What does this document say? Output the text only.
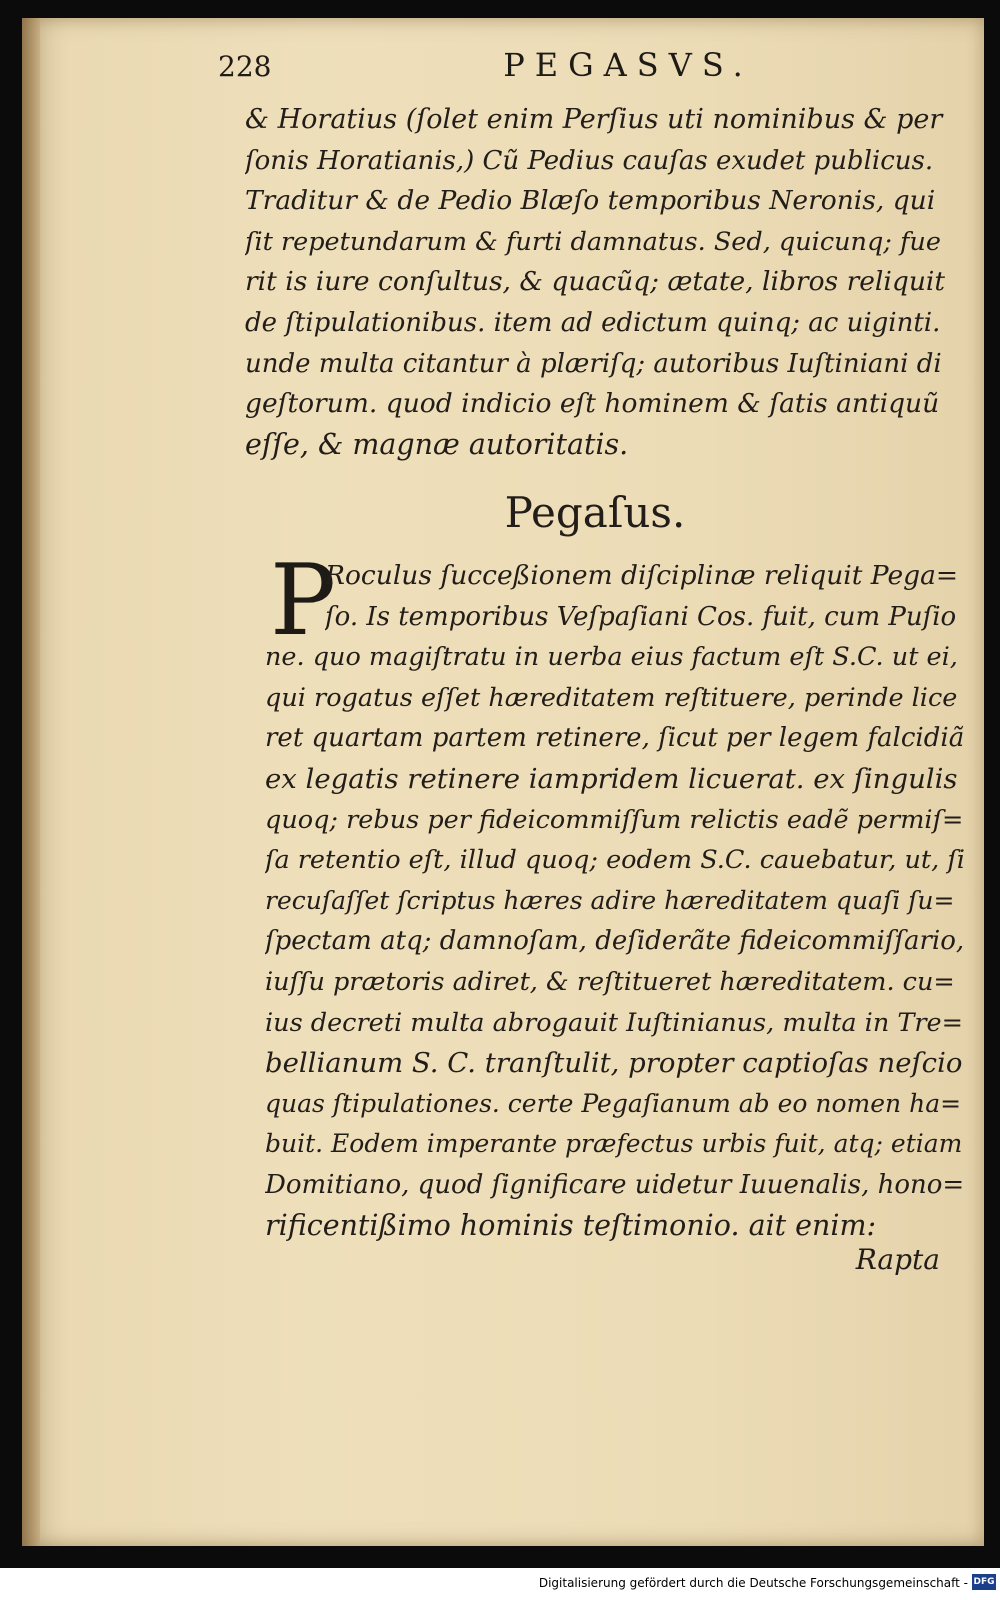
228	PEGASVS.
& Horatius (ſolet enim Perſius uti nominibus & per
ſonis Horatianis,) Cũ Pedius cauſas exudet publicus.
Traditur & de Pedio Blæſo temporibus Neronis, qui
ſit repetundarum & furti damnatus. Sed, quicunq; fue
rit is iure conſultus, & quacũq; ætate, libros reliquit
de ſtipulationibus. item ad edictum quinq; ac uiginti.
unde multa citantur à plæriſq; autoribus Iuſtiniani di
geſtorum. quod indicio eſt hominem & ſatis antiquũ
eſſe, & magnæ autoritatis.
Pegaſus.
P
Roculus ſucceßionem diſciplinæ reliquit Pega=
ſo. Is temporibus Veſpaſiani Cos. fuit, cum Puſio
ne. quo magiſtratu in uerba eius factum eſt S.C. ut ei,
qui rogatus eſſet hæreditatem reſtituere, perinde lice
ret quartam partem retinere, ſicut per legem falcidiã
ex legatis retinere iampridem licuerat. ex ſingulis
quoq; rebus per fideicommiſſum relictis eadẽ permiſ=
ſa retentio eſt, illud quoq; eodem S.C. cauebatur, ut, ſi
recuſaſſet ſcriptus hæres adire hæreditatem quaſi ſu=
ſpectam atq; damnoſam, deſiderãte fideicommiſſario,
iuſſu prætoris adiret, & reſtitueret hæreditatem. cu=
ius decreti multa abrogauit Iuſtinianus, multa in Tre=
bellianum S. C. tranſtulit, propter captioſas neſcio
quas ſtipulationes. certe Pegaſianum ab eo nomen ha=
buit. Eodem imperante præfectus urbis fuit, atq; etiam
Domitiano, quod ſignificare uidetur Iuuenalis, hono=
rificentißimo hominis teſtimonio. ait enim:
Rapta
Digitalisierung gefördert durch die Deutsche Forschungsgemeinschaft - DFG
